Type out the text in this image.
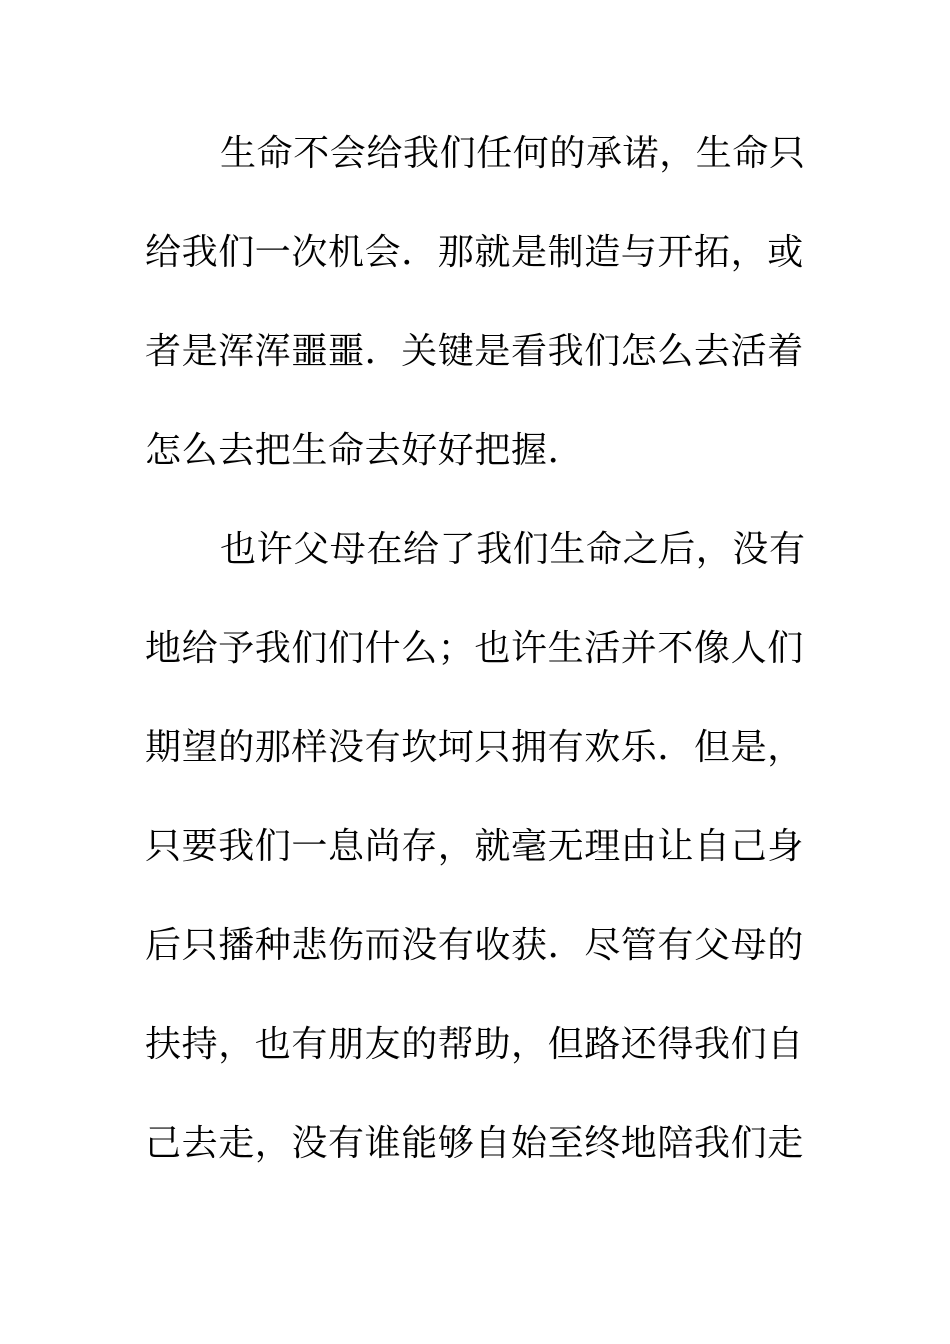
生命不会给我们任何的承诺，生命只
给我们一次机会．那就是制造与开拓，或
者是浑浑噩噩．关键是看我们怎么去活着
怎么去把生命去好好把握．
也许父母在给了我们生命之后，没有
地给予我们们什么；也许生活并不像人们
期望的那样没有坎坷只拥有欢乐．但是，
只要我们一息尚存，就毫无理由让自己身
后只播种悲伤而没有收获．尽管有父母的
扶持，也有朋友的帮助，但路还得我们自
己去走，没有谁能够自始至终地陪我们走
